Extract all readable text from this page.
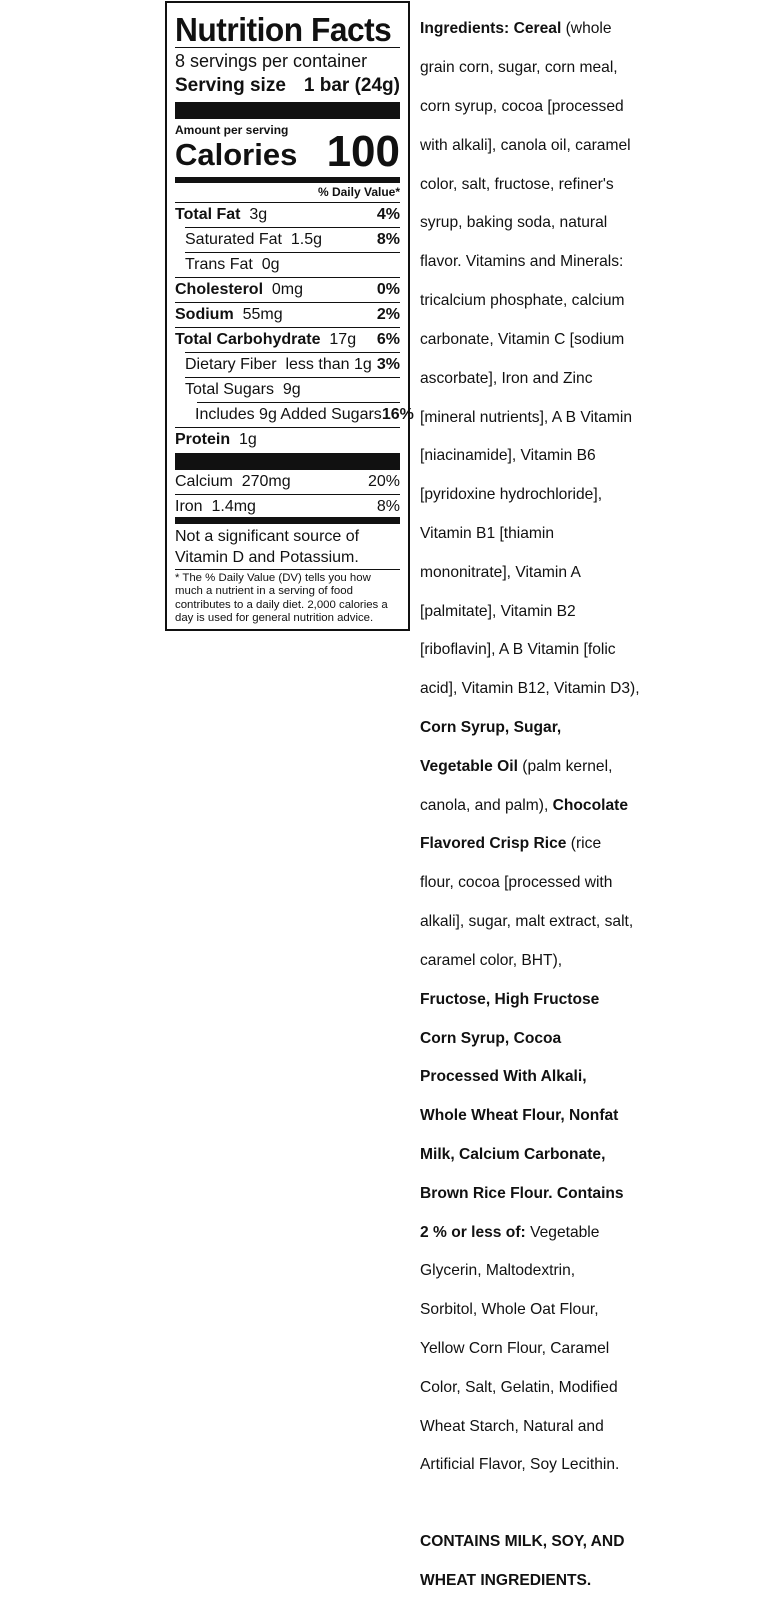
Nutrition Facts
8 servings per container
Serving size 1 bar (24g)
Amount per serving
Calories 100
% Daily Value*
Total Fat 3g	4%
Saturated Fat 1.5g	8%
Trans Fat 0g
Cholesterol 0mg	0%
Sodium 55mg	2%
Total Carbohydrate 17g 6%
Dietary Fiber less than 1g 3%
Total Sugars 9g
Includes 9g Added Sugars 16%
Protein 1g
Calcium 270mg	20%
Iron 1.4mg	8%
Not a significant source of Vitamin D and Potassium.
* The % Daily Value (DV) tells you how much a nutrient in a serving of food contributes to a daily diet. 2,000 calories a day is used for general nutrition advice.

Ingredients: Cereal (whole

grain corn, sugar, corn meal,

corn syrup, cocoa [processed

with alkali], canola oil, caramel

color, salt, fructose, refiner's

syrup, baking soda, natural

flavor. Vitamins and Minerals:

tricalcium phosphate, calcium

carbonate, Vitamin C [sodium

ascorbate], Iron and Zinc

[mineral nutrients], A B Vitamin

[niacinamide], Vitamin B6

[pyridoxine hydrochloride],

Vitamin B1 [thiamin

mononitrate], Vitamin A

[palmitate], Vitamin B2

[riboflavin], A B Vitamin [folic

acid], Vitamin B12, Vitamin D3),

Corn Syrup, Sugar,

Vegetable Oil (palm kernel,

canola, and palm), Chocolate

Flavored Crisp Rice (rice

flour, cocoa [processed with

alkali], sugar, malt extract, salt,

caramel color, BHT),

Fructose, High Fructose

Corn Syrup, Cocoa

Processed With Alkali,

Whole Wheat Flour, Nonfat

Milk, Calcium Carbonate,

Brown Rice Flour. Contains

2 % or less of: Vegetable

Glycerin, Maltodextrin,

Sorbitol, Whole Oat Flour,

Yellow Corn Flour, Caramel

Color, Salt, Gelatin, Modified

Wheat Starch, Natural and

Artificial Flavor, Soy Lecithin.

CONTAINS MILK, SOY, AND

WHEAT INGREDIENTS.
